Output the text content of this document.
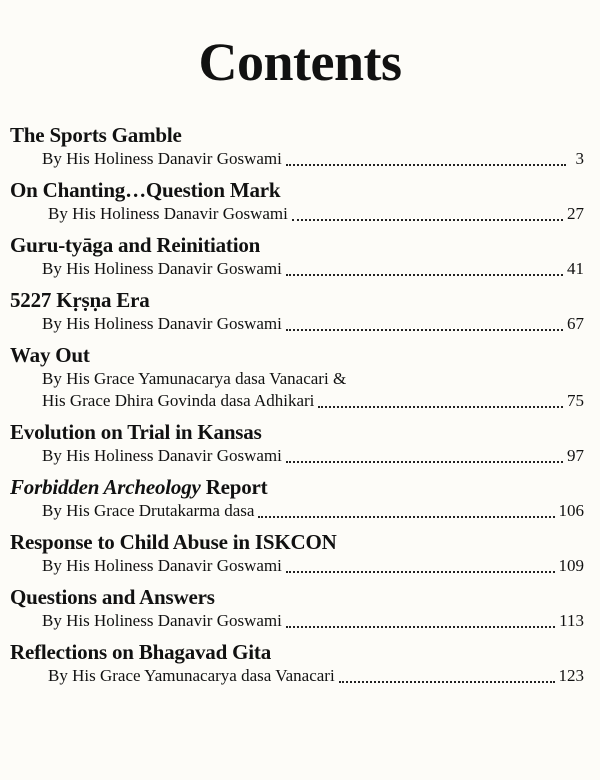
Contents
The Sports Gamble
By His Holiness Danavir Goswami	3
On Chanting…Question Mark
By His Holiness Danavir Goswami	27
Guru-tyāga and Reinitiation
By His Holiness Danavir Goswami	41
5227 Kṛṣṇa Era
By His Holiness Danavir Goswami	67
Way Out
By His Grace Yamunacarya dasa Vanacari &
His Grace Dhira Govinda dasa Adhikari	75
Evolution on Trial in Kansas
By His Holiness Danavir Goswami	97
Forbidden Archeology Report
By His Grace Drutakarma dasa	106
Response to Child Abuse in ISKCON
By His Holiness Danavir Goswami	109
Questions and Answers
By His Holiness Danavir Goswami	113
Reflections on Bhagavad Gita
By His Grace Yamunacarya dasa Vanacari	123
